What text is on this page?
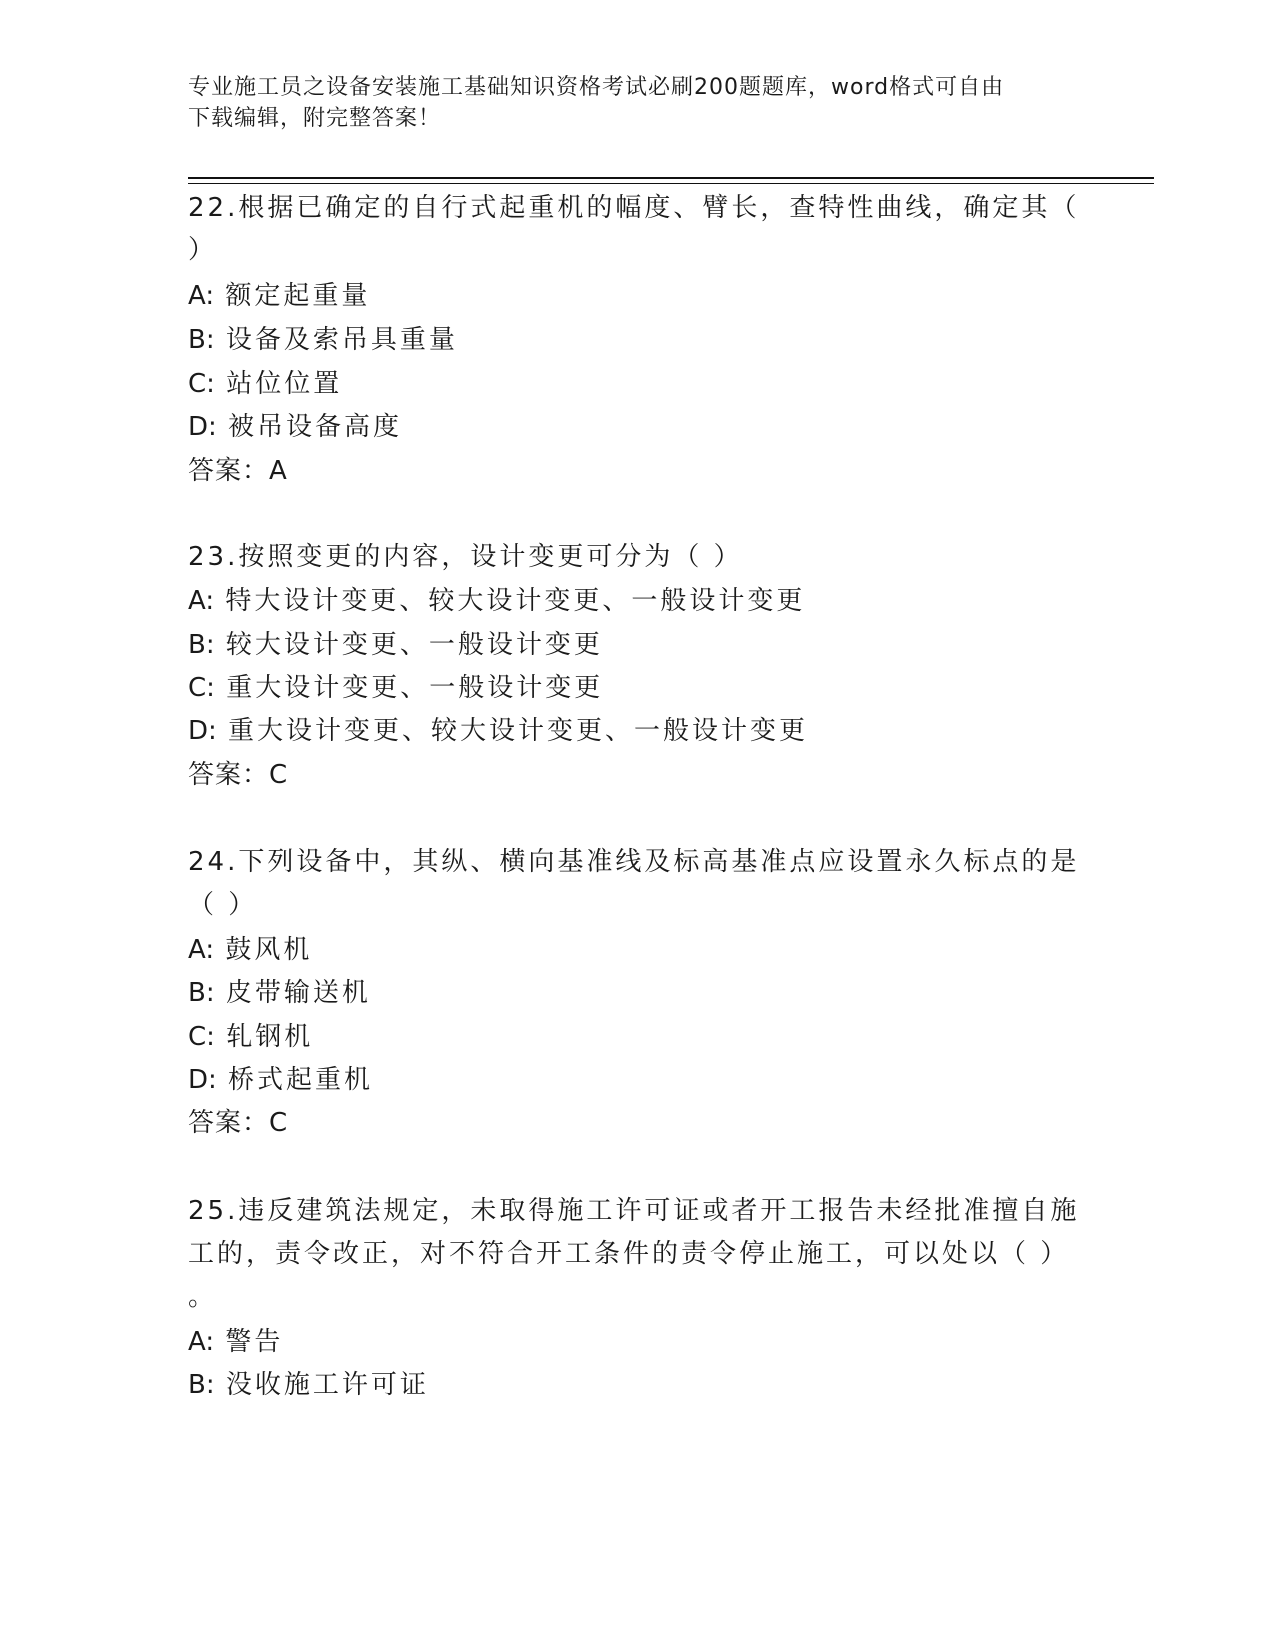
专业施工员之设备安装施工基础知识资格考试必刷200题题库，word格式可自由
下载编辑，附完整答案！
22.根据已确定的自行式起重机的幅度、臂长，查特性曲线，确定其（
）
A: 额定起重量
B: 设备及索吊具重量
C: 站位位置
D: 被吊设备高度
答案：A
23.按照变更的内容，设计变更可分为（ ）
A: 特大设计变更、较大设计变更、一般设计变更
B: 较大设计变更、一般设计变更
C: 重大设计变更、一般设计变更
D: 重大设计变更、较大设计变更、一般设计变更
答案：C
24.下列设备中，其纵、横向基准线及标高基准点应设置永久标点的是
（ ）
A: 鼓风机
B: 皮带输送机
C: 轧钢机
D: 桥式起重机
答案：C
25.违反建筑法规定，未取得施工许可证或者开工报告未经批准擅自施
工的，责令改正，对不符合开工条件的责令停止施工，可以处以（ ）
。
A: 警告
B: 没收施工许可证
